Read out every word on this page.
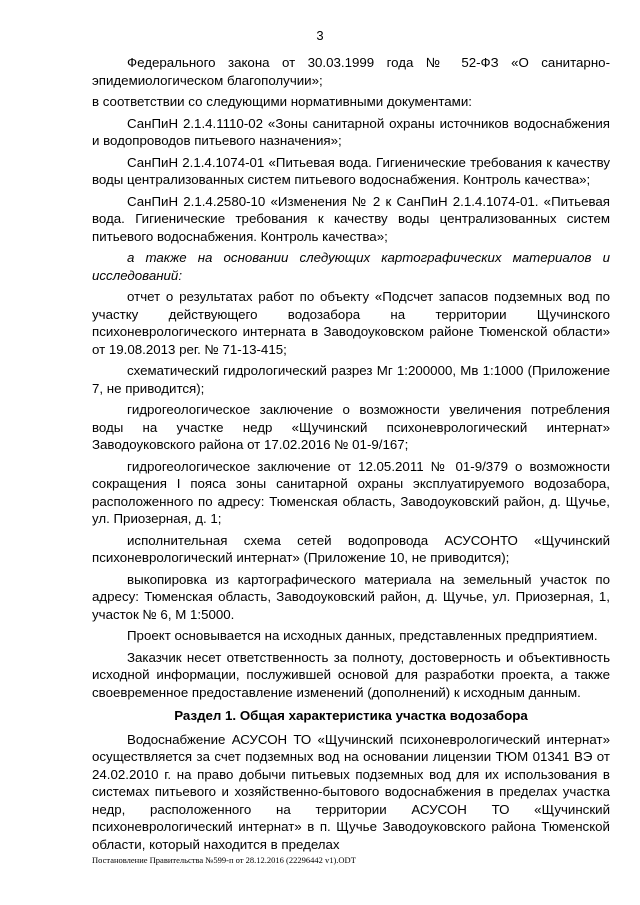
3

Федерального закона от 30.03.1999 года № 52-ФЗ «О санитарно-эпидемиологическом благополучии»;

в соответствии со следующими нормативными документами:

СанПиН 2.1.4.1110-02 «Зоны санитарной охраны источников водоснабжения и водопроводов питьевого назначения»;

СанПиН 2.1.4.1074-01 «Питьевая вода. Гигиенические требования к качеству воды централизованных систем питьевого водоснабжения. Контроль качества»;

СанПиН 2.1.4.2580-10 «Изменения № 2 к СанПиН 2.1.4.1074-01. «Питьевая вода. Гигиенические требования к качеству воды централизованных систем питьевого водоснабжения. Контроль качества»;

а также на основании следующих картографических материалов и исследований:

отчет о результатах работ по объекту «Подсчет запасов подземных вод по участку действующего водозабора на территории Щучинского психоневрологического интерната в Заводоуковском районе Тюменской области» от 19.08.2013 рег. № 71-13-415;

схематический гидрологический разрез Мг 1:200000, Мв 1:1000 (Приложение 7, не приводится);

гидрогеологическое заключение о возможности увеличения потребления воды на участке недр «Щучинский психоневрологический интернат» Заводоуковского района от 17.02.2016 № 01-9/167;

гидрогеологическое заключение от 12.05.2011 № 01-9/379 о возможности сокращения I пояса зоны санитарной охраны эксплуатируемого водозабора, расположенного по адресу: Тюменская область, Заводоуковский район, д. Щучье, ул. Приозерная, д. 1;

исполнительная схема сетей водопровода АСУСОНТО «Щучинский психоневрологический интернат» (Приложение 10, не приводится);

выкопировка из картографического материала на земельный участок по адресу: Тюменская область, Заводоуковский район, д. Щучье, ул. Приозерная, 1, участок № 6, М 1:5000.

Проект основывается на исходных данных, представленных предприятием.

Заказчик несет ответственность за полноту, достоверность и объективность исходной информации, послужившей основой для разработки проекта, а также своевременное предоставление изменений (дополнений) к исходным данным.

Раздел 1. Общая характеристика участка водозабора

Водоснабжение АСУСОН ТО «Щучинский психоневрологический интернат» осуществляется за счет подземных вод на основании лицензии ТЮМ 01341 ВЭ от 24.02.2010 г. на право добычи питьевых подземных вод для их использования в системах питьевого и хозяйственно-бытового водоснабжения в пределах участка недр, расположенного на территории АСУСОН ТО «Щучинский психоневрологический интернат» в п. Щучье Заводоуковского района Тюменской области, который находится в пределах

Постановление Правительства №599-п от 28.12.2016 (22296442 v1).ODT
